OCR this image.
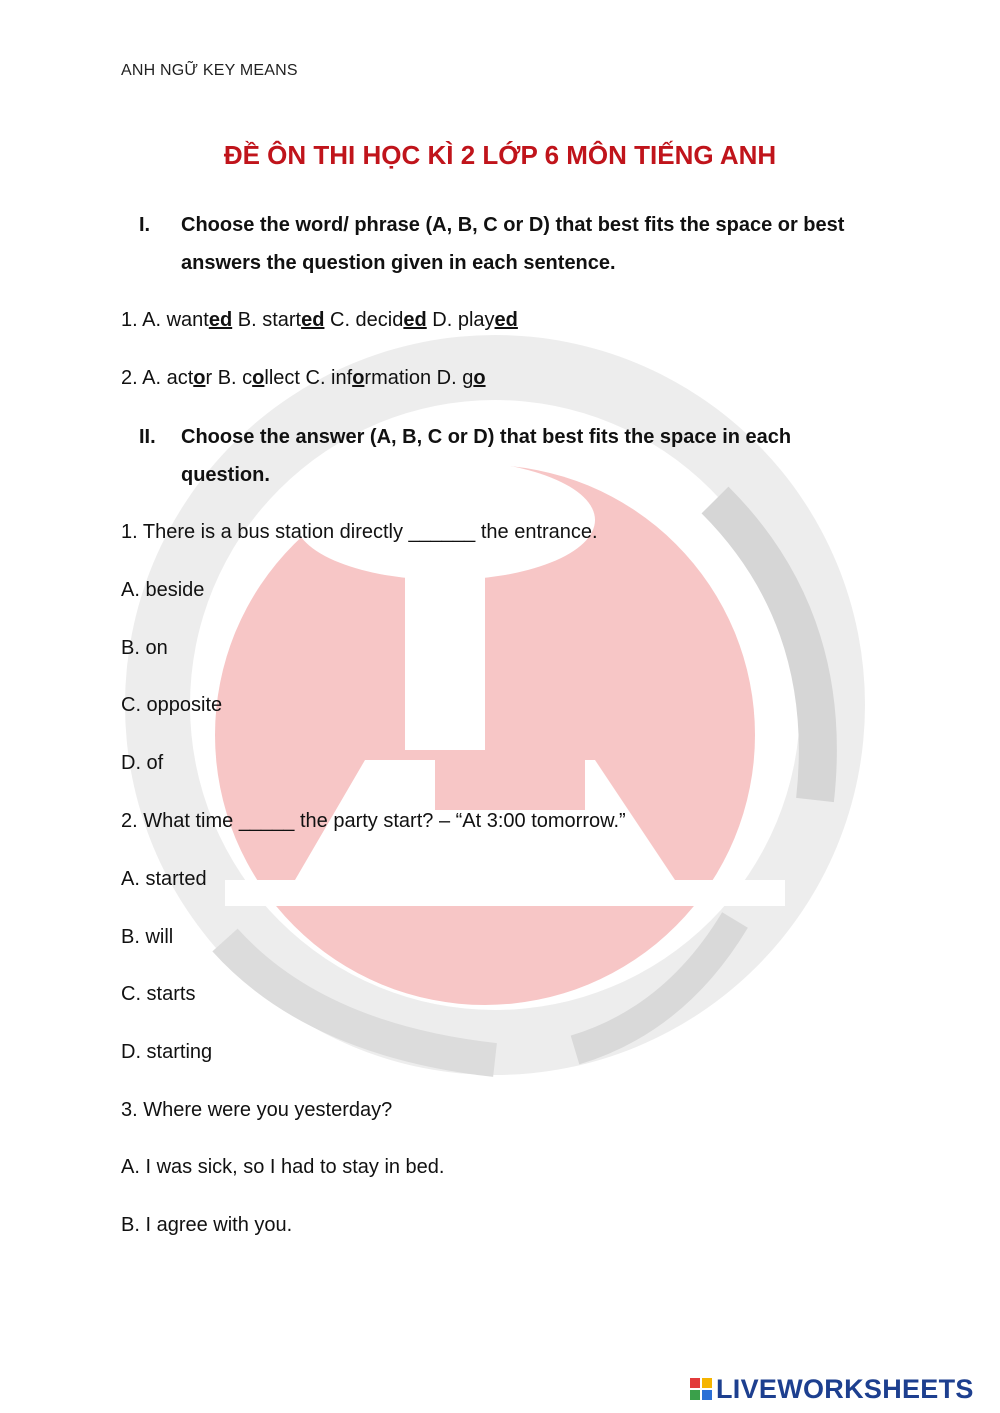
ANH NGỮ KEY MEANS
ĐỀ ÔN THI HỌC KÌ 2 LỚP 6 MÔN TIẾNG ANH
I. Choose the word/ phrase (A, B, C or D) that best fits the space or best answers the question given in each sentence.
1. A. wanted B. started C. decided D. played
2. A. actor B. collect C. information D. go
II. Choose the answer (A, B, C or D) that best fits the space in each question.
1. There is a bus station directly ______ the entrance.
A. beside
B. on
C. opposite
D. of
2. What time _____ the party start? – “At 3:00 tomorrow.”
A. started
B. will
C. starts
D. starting
3. Where were you yesterday?
A. I was sick, so I had to stay in bed.
B. I agree with you.
LIVEWORKSHEETS
